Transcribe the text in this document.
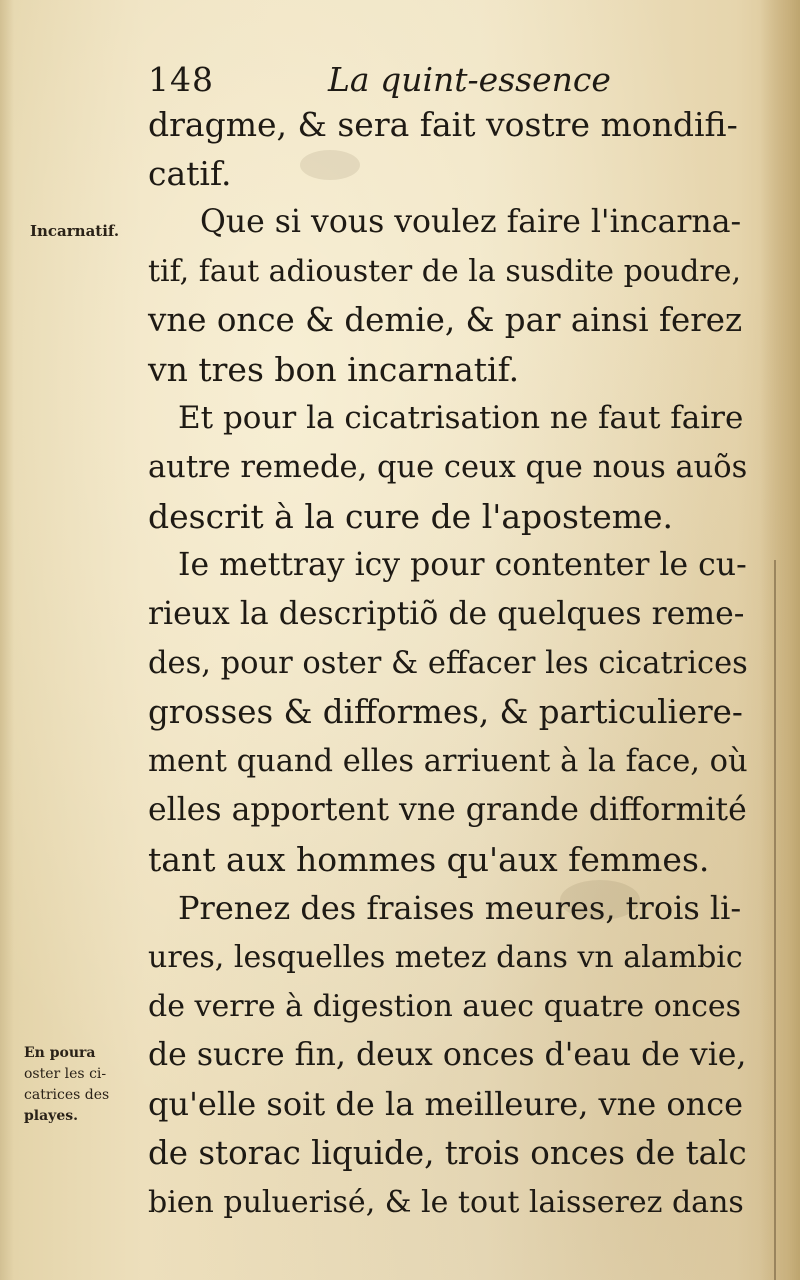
148	La quint-essence
dragme, & sera fait vostre mondifi-
catif.
Que si vous voulez faire l'incarna-
tif, faut adiouster de la susdite poudre,
vne once & demie, & par ainsi ferez
vn tres bon incarnatif.
Et pour la cicatrisation ne faut faire
autre remede, que ceux que nous auõs
descrit à la cure de l'aposteme.
Ie mettray icy pour contenter le cu-
rieux la descriptiõ de quelques reme-
des, pour oster & effacer les cicatrices
grosses & difformes, & particuliere-
ment quand elles arriuent à la face, où
elles apportent vne grande difformité
tant aux hommes qu'aux femmes.
Prenez des fraises meures, trois li-
ures, lesquelles metez dans vn alambic
de verre à digestion auec quatre onces
de sucre fin, deux onces d'eau de vie,
qu'elle soit de la meilleure, vne once
de storac liquide, trois onces de talc
bien puluerisé, & le tout laisserez dans
Incarnatif.
En poura
oster les ci-
catrices des
playes.
